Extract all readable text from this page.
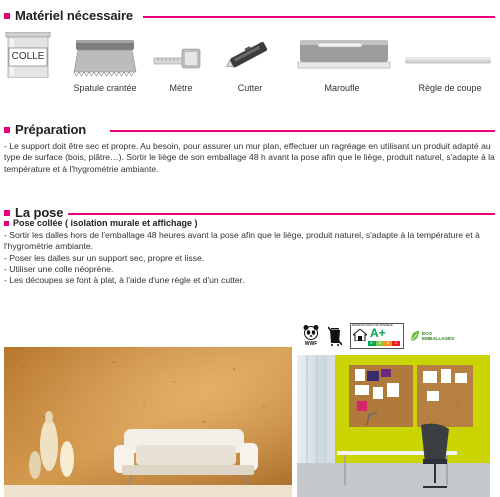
Matériel nécessaire
COLLE
Spatule crantée	Mètre	Cutter	Maroufle	Règle de coupe
Préparation

- Le support doit être sec et propre. Au besoin, pour assurer un mur plan, effectuer un ragréage en utilisant un produit adapté au type de surface (bois, plâtre…). Sortir le liège de son emballage 48 h avant la pose afin que le liège, produit naturel, s'adapte à la température et à l'hygrométrie ambiante.

La pose
Pose collée ( isolation murale et affichage )
- Sortir les dalles hors de l'emballage 48 heures avant la pose afin que le liège, produit naturel, s'adapte à la température et à l'hygrométrie ambiante.
- Poser les dalles sur un support sec, propre et lisse.
- Utiliser une colle néoprène.
- Les découpes se font à plat, à l'aide d'une règle et d'un cutter.
WWF
ÉMISSIONS DANS L'AIR INTÉRIEUR
A+
A+	A	B	C
ECO
EMBALLAGES
